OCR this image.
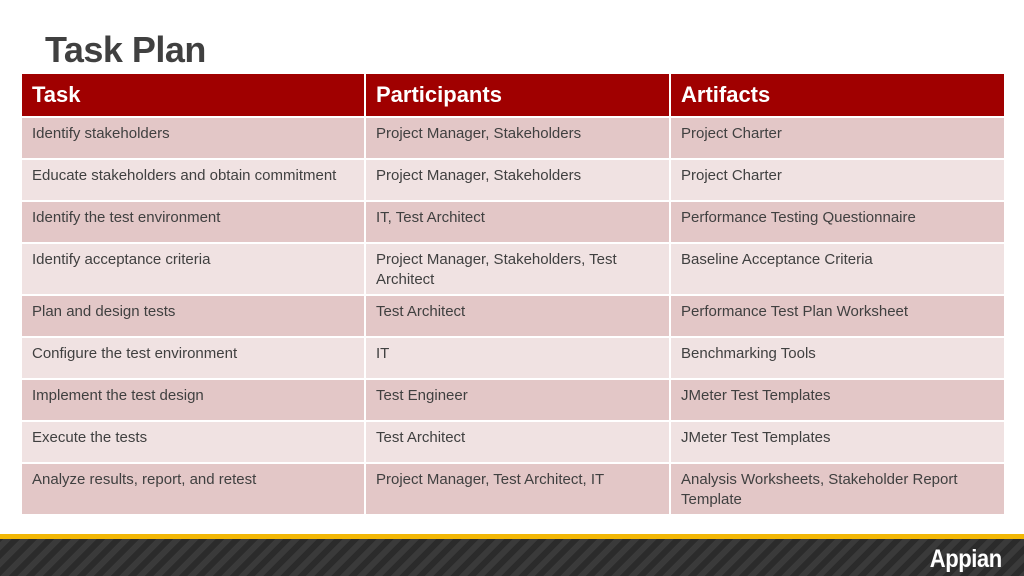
Task Plan
Task	Participants	Artifacts
Identify stakeholders	Project Manager, Stakeholders	Project Charter
Educate stakeholders and obtain commitment	Project Manager, Stakeholders	Project Charter
Identify the test environment	IT, Test Architect	Performance Testing Questionnaire
Identify acceptance criteria	Project Manager, Stakeholders, Test Architect	Baseline Acceptance Criteria
Plan and design tests	Test Architect	Performance Test Plan Worksheet
Configure the test environment	IT	Benchmarking Tools
Implement the test design	Test Engineer	JMeter Test Templates
Execute the tests	Test Architect	JMeter Test Templates
Analyze results, report, and retest	Project Manager, Test Architect, IT	Analysis Worksheets, Stakeholder Report Template
Appian
